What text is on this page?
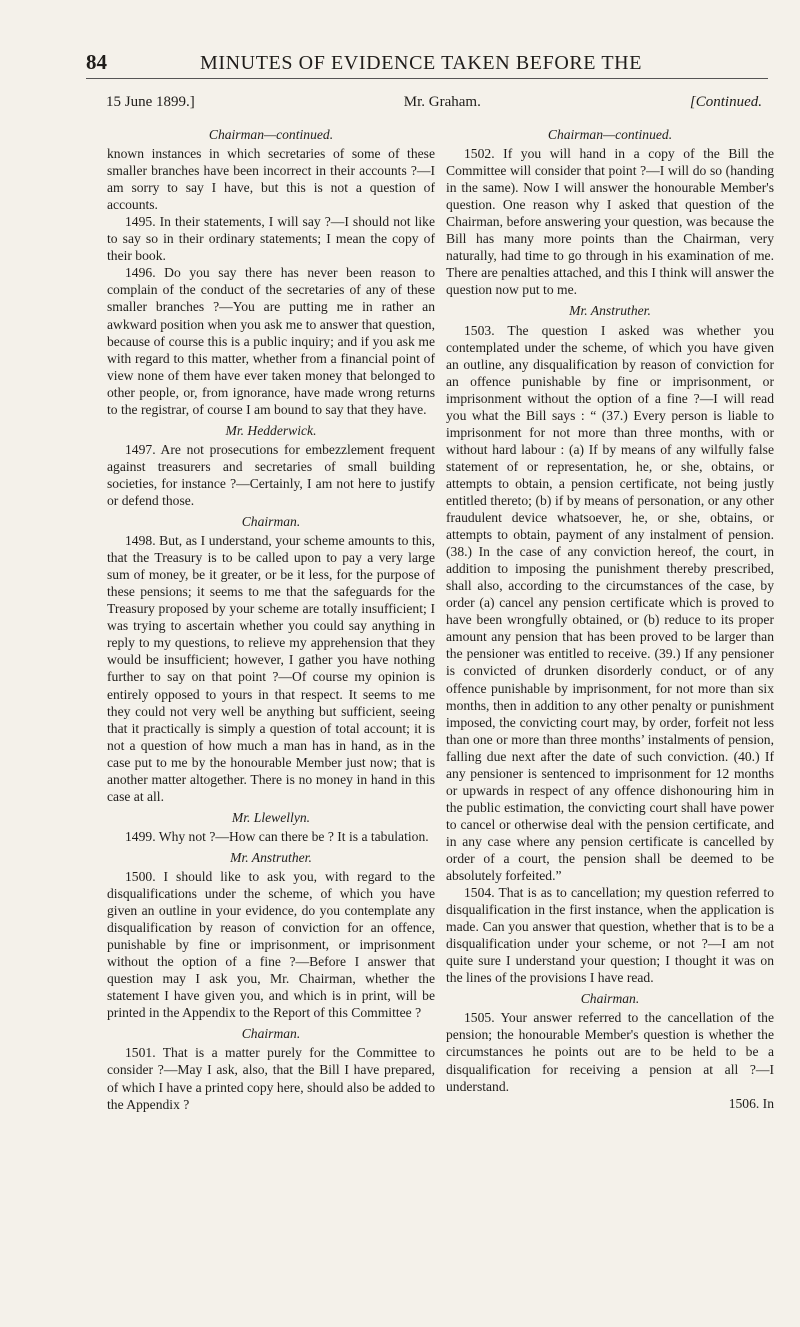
84	MINUTES OF EVIDENCE TAKEN BEFORE THE
15 June 1899.]	Mr. Graham.	[Continued.

Chairman—continued.

known instances in which secretaries of some of these smaller branches have been incorrect in their accounts ?—I am sorry to say I have, but this is not a question of accounts.

1495. In their statements, I will say ?—I should not like to say so in their ordinary statements; I mean the copy of their book.

1496. Do you say there has never been reason to complain of the conduct of the secretaries of any of these smaller branches ?—You are putting me in rather an awkward position when you ask me to answer that question, because of course this is a public inquiry; and if you ask me with regard to this matter, whether from a financial point of view none of them have ever taken money that belonged to other people, or, from ignorance, have made wrong returns to the registrar, of course I am bound to say that they have.

Mr. Hedderwick.

1497. Are not prosecutions for embezzlement frequent against treasurers and secretaries of small building societies, for instance ?—Certainly, I am not here to justify or defend those.

Chairman.

1498. But, as I understand, your scheme amounts to this, that the Treasury is to be called upon to pay a very large sum of money, be it greater, or be it less, for the purpose of these pensions; it seems to me that the safeguards for the Treasury proposed by your scheme are totally insufficient; I was trying to ascertain whether you could say anything in reply to my questions, to relieve my apprehension that they would be insufficient; however, I gather you have nothing further to say on that point ?—Of course my opinion is entirely opposed to yours in that respect. It seems to me they could not very well be anything but sufficient, seeing that it practically is simply a question of total account; it is not a question of how much a man has in hand, as in the case put to me by the honourable Member just now; that is another matter altogether. There is no money in hand in this case at all.

Mr. Llewellyn.

1499. Why not ?—How can there be ? It is a tabulation.

Mr. Anstruther.

1500. I should like to ask you, with regard to the disqualifications under the scheme, of which you have given an outline in your evidence, do you contemplate any disqualification by reason of conviction for an offence, punishable by fine or imprisonment, or imprisonment without the option of a fine ?—Before I answer that question may I ask you, Mr. Chairman, whether the statement I have given you, and which is in print, will be printed in the Appendix to the Report of this Committee ?

Chairman.

1501. That is a matter purely for the Committee to consider ?—May I ask, also, that the Bill I have prepared, of which I have a printed copy here, should also be added to the Appendix ?

Chairman—continued.

1502. If you will hand in a copy of the Bill the Committee will consider that point ?—I will do so (handing in the same). Now I will answer the honourable Member's question. One reason why I asked that question of the Chairman, before answering your question, was because the Bill has many more points than the Chairman, very naturally, had time to go through in his examination of me. There are penalties attached, and this I think will answer the question now put to me.

Mr. Anstruther.

1503. The question I asked was whether you contemplated under the scheme, of which you have given an outline, any disqualification by reason of conviction for an offence punishable by fine or imprisonment, or imprisonment without the option of a fine ?—I will read you what the Bill says : “ (37.) Every person is liable to imprisonment for not more than three months, with or without hard labour : (a) If by means of any wilfully false statement of or representation, he, or she, obtains, or attempts to obtain, a pension certificate, not being justly entitled thereto; (b) if by means of personation, or any other fraudulent device whatsoever, he, or she, obtains, or attempts to obtain, payment of any instalment of pension. (38.) In the case of any conviction hereof, the court, in addition to imposing the punishment thereby prescribed, shall also, according to the circumstances of the case, by order (a) cancel any pension certificate which is proved to have been wrongfully obtained, or (b) reduce to its proper amount any pension that has been proved to be larger than the pensioner was entitled to receive. (39.) If any pensioner is convicted of drunken disorderly conduct, or of any offence punishable by imprisonment, for not more than six months, then in addition to any other penalty or punishment imposed, the convicting court may, by order, forfeit not less than one or more than three months’ instalments of pension, falling due next after the date of such conviction. (40.) If any pensioner is sentenced to imprisonment for 12 months or upwards in respect of any offence dishonouring him in the public estimation, the convicting court shall have power to cancel or otherwise deal with the pension certificate, and in any case where any pension certificate is cancelled by order of a court, the pension shall be deemed to be absolutely forfeited.”

1504. That is as to cancellation; my question referred to disqualification in the first instance, when the application is made. Can you answer that question, whether that is to be a disqualification under your scheme, or not ?—I am not quite sure I understand your question; I thought it was on the lines of the provisions I have read.

Chairman.

1505. Your answer referred to the cancellation of the pension; the honourable Member's question is whether the circumstances he points out are to be held to be a disqualification for receiving a pension at all ?—I understand.

1506. In
